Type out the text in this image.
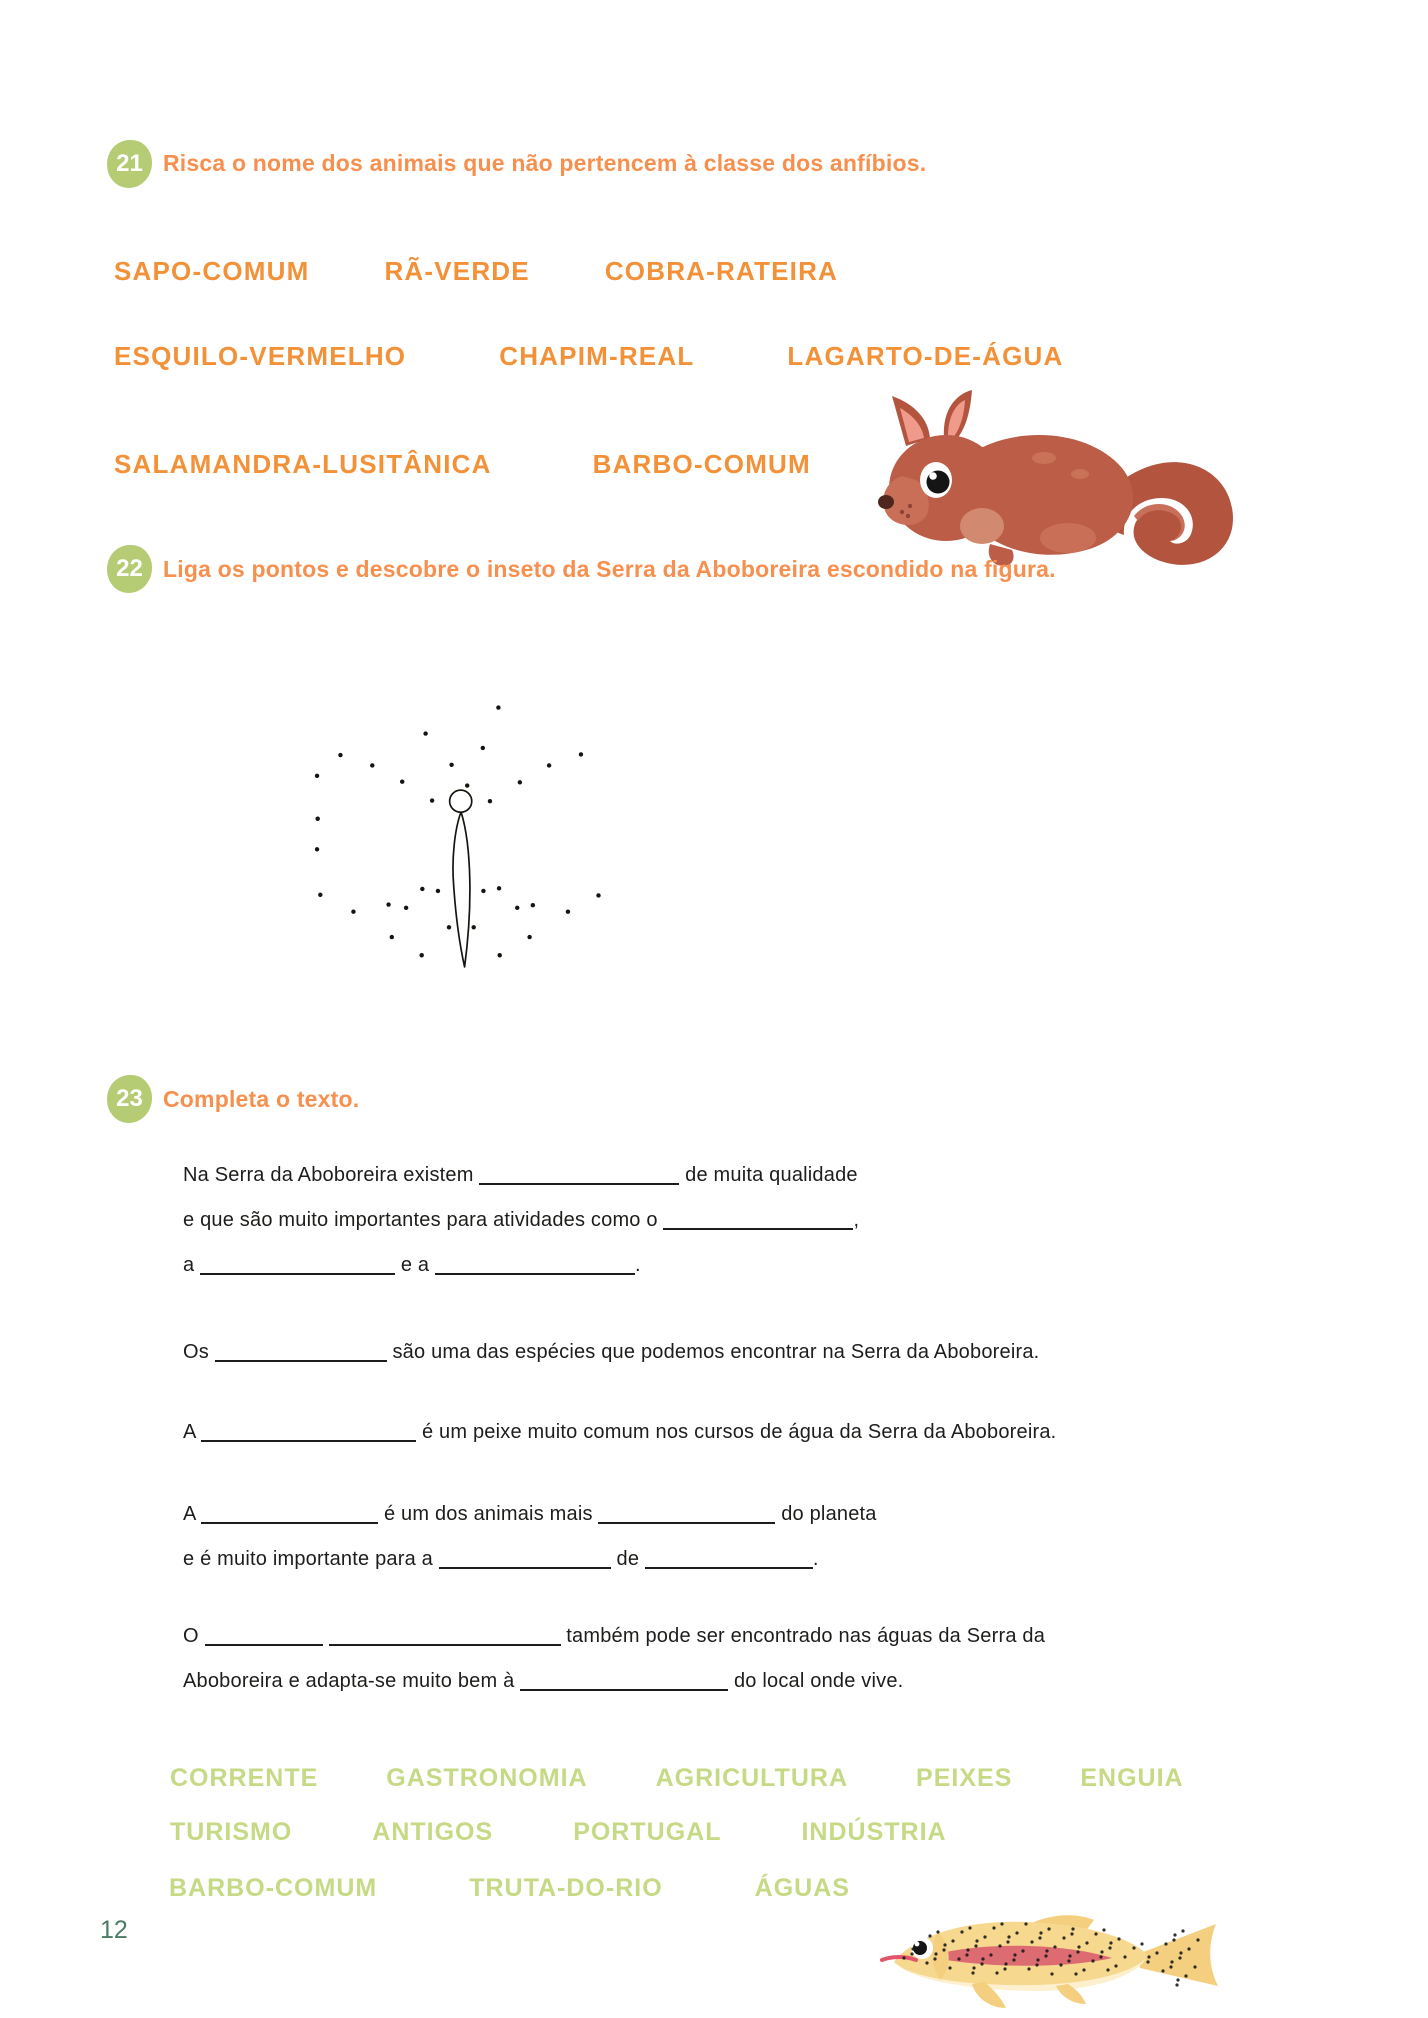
21 Risca o nome dos animais que não pertencem à classe dos anfíbios.
SAPO-COMUM	RÃ-VERDE	COBRA-RATEIRA
ESQUILO-VERMELHO	CHAPIM-REAL	LAGARTO-DE-ÁGUA
SALAMANDRA-LUSITÂNICA	BARBO-COMUM
22 Liga os pontos e descobre o inseto da Serra da Aboboreira escondido na figura.
23 Completa o texto.
Na Serra da Aboboreira existem	de muita qualidade
e que são muito importantes para atividades como o	,
a	e a	.
Os	são uma das espécies que podemos encontrar na Serra da Aboboreira.
A	é um peixe muito comum nos cursos de água da Serra da Aboboreira.
A	é um dos animais mais	do planeta
e é muito importante para a	de	.
O	também pode ser encontrado nas águas da Serra da
Aboboreira e adapta-se muito bem à	do local onde vive.
CORRENTE	GASTRONOMIA	AGRICULTURA	PEIXES	ENGUIA
TURISMO	ANTIGOS	PORTUGAL	INDÚSTRIA
BARBO-COMUM	TRUTA-DO-RIO	ÁGUAS
12
